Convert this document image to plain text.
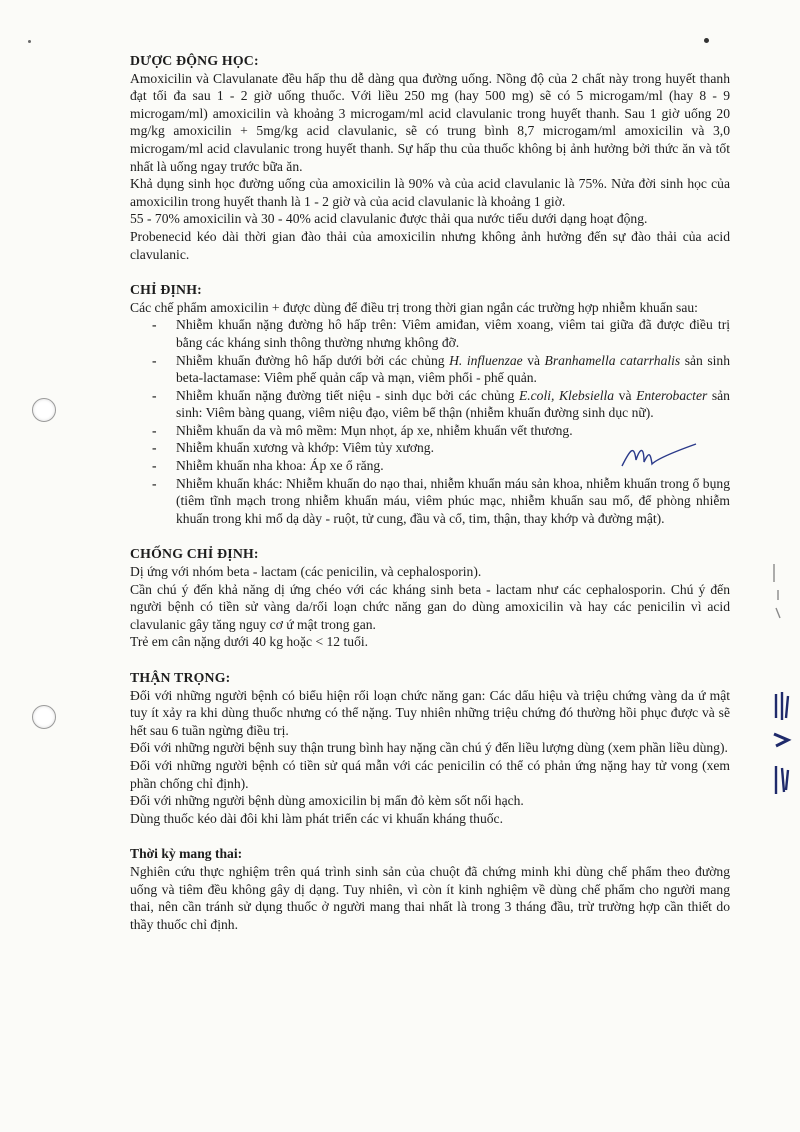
DƯỢC ĐỘNG HỌC:

Amoxicilin và Clavulanate đều hấp thu dễ dàng qua đường uống. Nồng độ của 2 chất này trong huyết thanh đạt tối đa sau 1 - 2 giờ uống thuốc. Với liều 250 mg (hay 500 mg) sẽ có 5 microgam/ml (hay 8 - 9 microgam/ml) amoxicilin và khoảng 3 microgam/ml acid clavulanic trong huyết thanh. Sau 1 giờ uống 20 mg/kg amoxicilin + 5mg/kg acid clavulanic, sẽ có trung bình 8,7 microgam/ml amoxicilin và 3,0 microgam/ml acid clavulanic trong huyết thanh. Sự hấp thu của thuốc không bị ảnh hưởng bởi thức ăn và tốt nhất là uống ngay trước bữa ăn.

Khả dụng sinh học đường uống của amoxicilin là 90% và của acid clavulanic là 75%. Nửa đời sinh học của amoxicilin trong huyết thanh là 1 - 2 giờ và của acid clavulanic là khoảng 1 giờ.

55 - 70% amoxicilin và 30 - 40% acid clavulanic được thải qua nước tiểu dưới dạng hoạt động.

Probenecid kéo dài thời gian đào thải của amoxicilin nhưng không ảnh hưởng đến sự đào thải của acid clavulanic.

CHỈ ĐỊNH:

Các chế phẩm amoxicilin + được dùng để điều trị trong thời gian ngắn các trường hợp nhiễm khuẩn sau:

- Nhiễm khuẩn nặng đường hô hấp trên: Viêm amiđan, viêm xoang, viêm tai giữa đã được điều trị bằng các kháng sinh thông thường nhưng không đỡ.
- Nhiễm khuẩn đường hô hấp dưới bởi các chủng H. influenzae và Branhamella catarrhalis sản sinh beta-lactamase: Viêm phế quản cấp và mạn, viêm phổi - phế quản.
- Nhiễm khuẩn nặng đường tiết niệu - sinh dục bởi các chủng E.coli, Klebsiella và Enterobacter sản sinh: Viêm bàng quang, viêm niệu đạo, viêm bể thận (nhiễm khuẩn đường sinh dục nữ).
- Nhiễm khuẩn da và mô mềm: Mụn nhọt, áp xe, nhiễm khuẩn vết thương.
- Nhiễm khuẩn xương và khớp: Viêm tủy xương.
- Nhiễm khuẩn nha khoa: Áp xe ổ răng.
- Nhiễm khuẩn khác: Nhiễm khuẩn do nạo thai, nhiễm khuẩn máu sản khoa, nhiễm khuẩn trong ổ bụng (tiêm tĩnh mạch trong nhiễm khuẩn máu, viêm phúc mạc, nhiễm khuẩn sau mổ, để phòng nhiễm khuẩn trong khi mổ dạ dày - ruột, tử cung, đầu và cổ, tim, thận, thay khớp và đường mật).
CHỐNG CHỈ ĐỊNH:

Dị ứng với nhóm beta - lactam (các penicilin, và cephalosporin).

Cần chú ý đến khả năng dị ứng chéo với các kháng sinh beta - lactam như các cephalosporin. Chú ý đến người bệnh có tiền sử vàng da/rối loạn chức năng gan do dùng amoxicilin và hay các penicilin vì acid clavulanic gây tăng nguy cơ ứ mật trong gan.

Trẻ em cân nặng dưới 40 kg hoặc < 12 tuổi.

THẬN TRỌNG:

Đối với những người bệnh có biểu hiện rối loạn chức năng gan: Các dấu hiệu và triệu chứng vàng da ứ mật tuy ít xảy ra khi dùng thuốc nhưng có thể nặng. Tuy nhiên những triệu chứng đó thường hồi phục được và sẽ hết sau 6 tuần ngừng điều trị.

Đối với những người bệnh suy thận trung bình hay nặng cần chú ý đến liều lượng dùng (xem phần liều dùng).

Đối với những người bệnh có tiền sử quá mẫn với các penicilin có thể có phản ứng nặng hay tử vong (xem phần chống chỉ định).

Đối với những người bệnh dùng amoxicilin bị mẩn đỏ kèm sốt nổi hạch.

Dùng thuốc kéo dài đôi khi làm phát triển các vi khuẩn kháng thuốc.

Thời kỳ mang thai:

Nghiên cứu thực nghiệm trên quá trình sinh sản của chuột đã chứng minh khi dùng chế phẩm theo đường uống và tiêm đều không gây dị dạng. Tuy nhiên, vì còn ít kinh nghiệm về dùng chế phẩm cho người mang thai, nên cần tránh sử dụng thuốc ở người mang thai nhất là trong 3 tháng đầu, trừ trường hợp cần thiết do thầy thuốc chỉ định.
